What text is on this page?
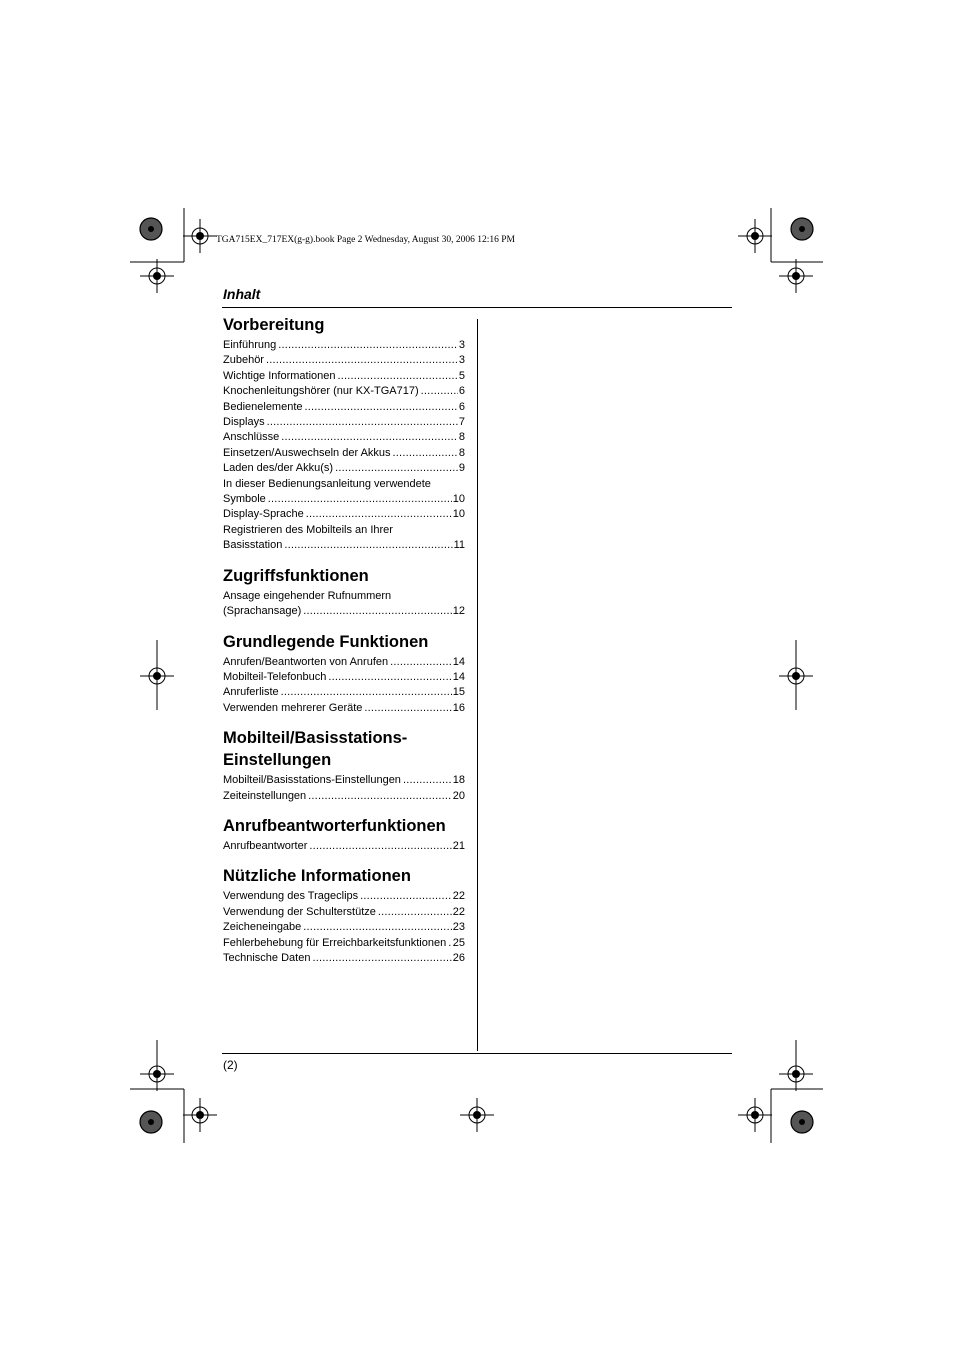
TGA715EX_717EX(g-g).book Page 2 Wednesday, August 30, 2006 12:16 PM
Inhalt
Vorbereitung
Einführung .....	3
Zubehör .....	3
Wichtige Informationen .....	5
Knochenleitungshörer (nur KX-TGA717) .....	6
Bedienelemente .....	6
Displays .....	7
Anschlüsse .....	8
Einsetzen/Auswechseln der Akkus .....	8
Laden des/der Akku(s) .....	9
In dieser Bedienungsanleitung verwendete
Symbole .....	10
Display-Sprache .....	10
Registrieren des Mobilteils an Ihrer
Basisstation .....	11
Zugriffsfunktionen
Ansage eingehender Rufnummern
(Sprachansage) .....	12
Grundlegende Funktionen
Anrufen/Beantworten von Anrufen .....	14
Mobilteil-Telefonbuch .....	14
Anruferliste .....	15
Verwenden mehrerer Geräte .....	16
Mobilteil/Basisstations-Einstellungen
Mobilteil/Basisstations-Einstellungen .....	18
Zeiteinstellungen .....	20
Anrufbeantworterfunktionen
Anrufbeantworter .....	21
Nützliche Informationen
Verwendung des Trageclips .....	22
Verwendung der Schulterstütze .....	22
Zeicheneingabe .....	23
Fehlerbehebung für Erreichbarkeitsfunktionen ..... 25
Technische Daten .....	26
(2)
